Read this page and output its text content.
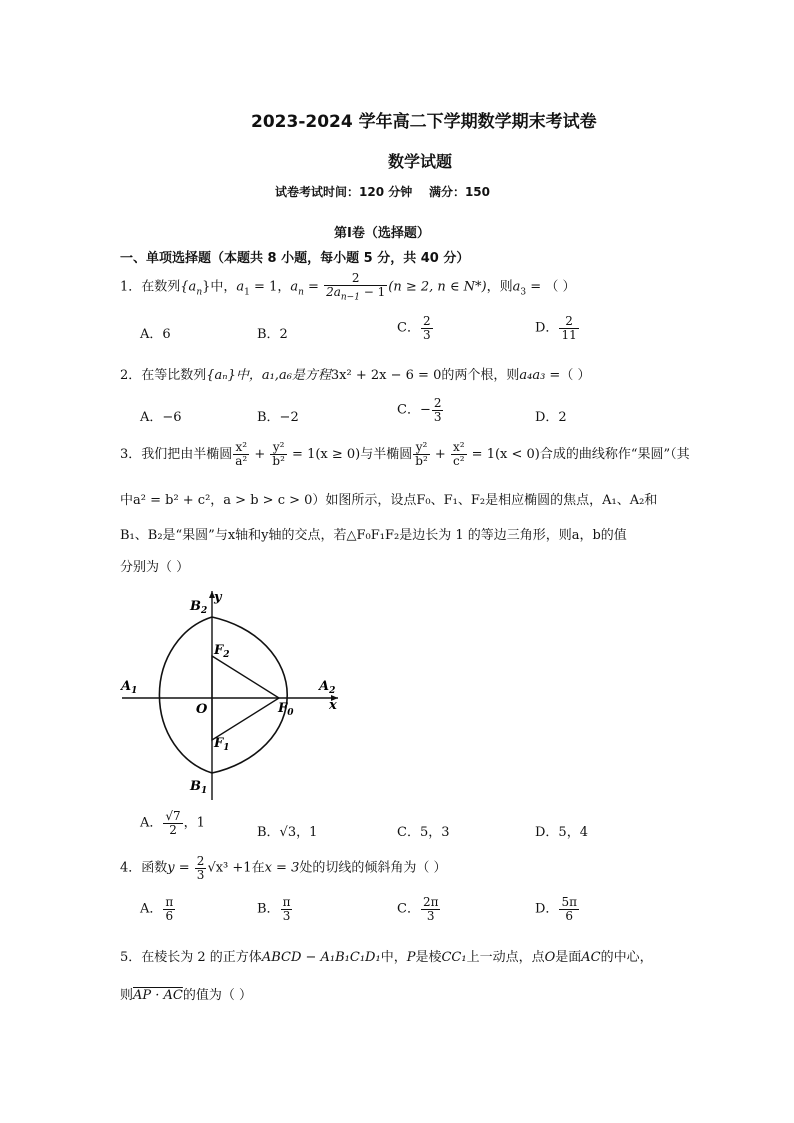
2023-2024 学年高二下学期数学期末考试卷
数学试题
试卷考试时间：120 分钟    满分：150
第Ⅰ卷（选择题）
一、单项选择题（本题共 8 小题，每小题 5 分，共 40 分）
1．在数列$\{a_n\}$中，$a_1 = 1$，$a_n = \frac{2}{2a_{n-1} - 1} (n \ge 2$, n ∈ N*)，则$a_3$ = （ ）
A．6	B．2	C． $\frac{2}{3}$	D． $\frac{2}{11}$
2．在等比数列{aₙ}中，a₁,a₆是方程3x² + 2x − 6 = 0的两个根，则a₄a₃ =（ ）
A．−6	B．−2	C．− $\frac{2}{3}$	D．2
3．我们把由半椭圆 $\frac{\text{x²}}{\text{a²}} + \frac{\text{y²}}{\text{b²}} = 1(x \ge 0)$与半椭圆 $\frac{\text{y²}}{\text{b²}} + \frac{\text{x²}}{\text{c²}} = 1(x < 0)$合成的曲线称作“果圆”（其
中a² = b² + c²，a > b > c > 0）如图所示，设点F₀、F₁、F₂是相应椭圆的焦点，A₁、A₂和
B₁、B₂是“果圆”与x轴和y轴的交点，若△F₀F₁F₂是边长为 1 的等边三角形，则a，b的值
分别为（ ）
$B_2$
y
$F_2$
$A_1$	$A_2$
O	$F_0$	x
$F_1$
$B_1$
A． $\frac{√7}{2}$ ，1
B．√3，1	C．5，3	D．5，4
4．函数$y = \frac{2}{3} √x^3 +1$在x = 3处的切线的倾斜角为（ ）
A． $\frac{\pi}{6}$	B． $\frac{\pi}{3}$	C． $\frac{2\pi}{3}$	D． $\frac{5\pi}{6}$
5．在棱长为 2 的正方体ABCD − A₁B₁C₁D₁中，P是棱CC₁上一动点，点O是面AC的中心，
则AP · AC的值为（ ）
